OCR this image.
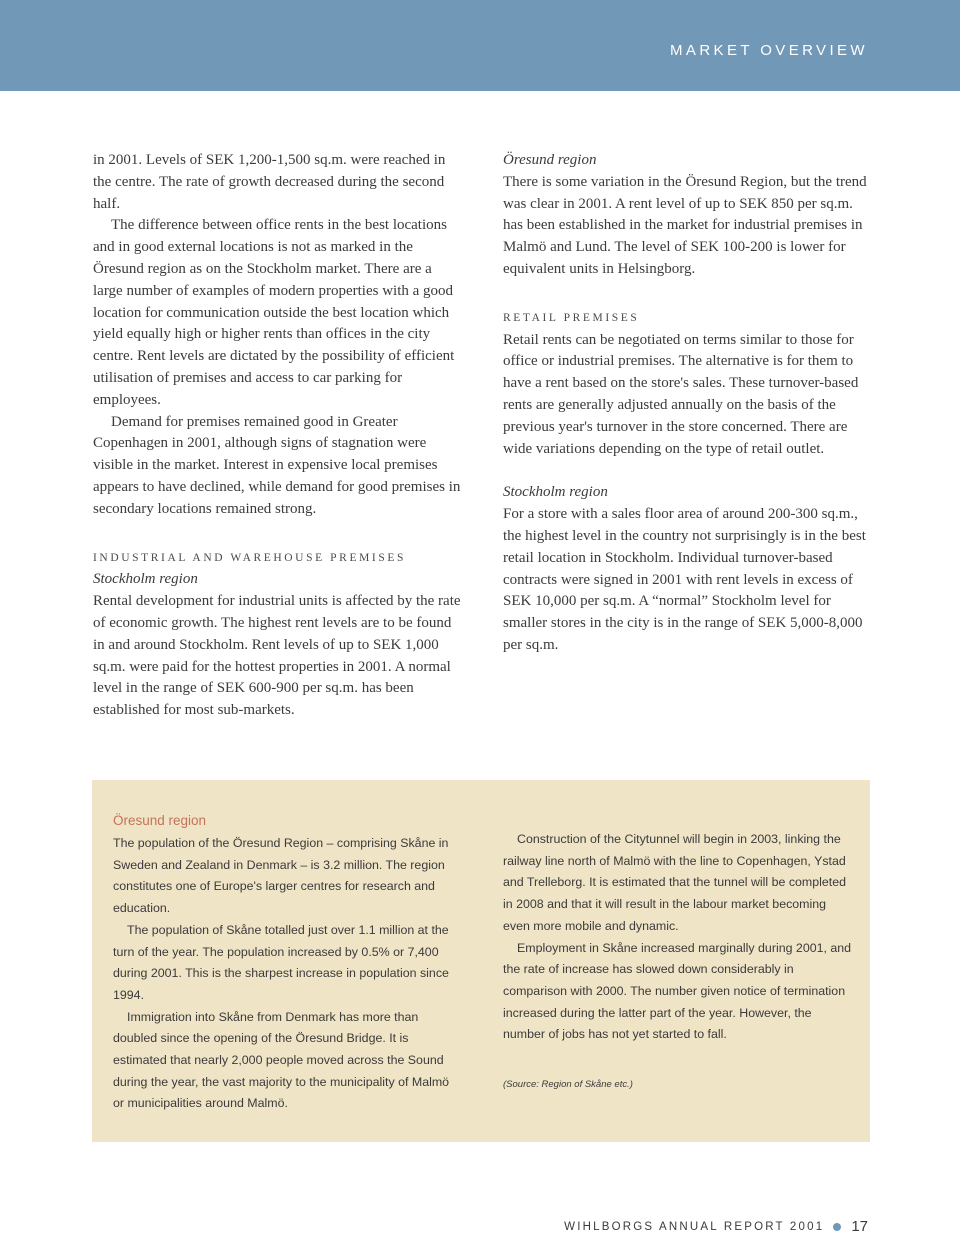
MARKET OVERVIEW

in 2001. Levels of SEK 1,200-1,500 sq.m. were reached in the centre. The rate of growth decreased during the second half.

The difference between office rents in the best locations and in good external locations is not as marked in the Öresund region as on the Stockholm market. There are a large number of examples of modern properties with a good location for communication outside the best location which yield equally high or higher rents than offices in the city centre. Rent levels are dictated by the possibility of efficient utilisation of premises and access to car parking for employees.

Demand for premises remained good in Greater Copenhagen in 2001, although signs of stagnation were visible in the market. Interest in expensive local premises appears to have declined, while demand for good premises in secondary locations remained strong.

INDUSTRIAL AND WAREHOUSE PREMISES
Stockholm region

Rental development for industrial units is affected by the rate of economic growth. The highest rent levels are to be found in and around Stockholm. Rent levels of up to SEK 1,000 sq.m. were paid for the hottest properties in 2001. A normal level in the range of SEK 600-900 per sq.m. has been established for most sub-markets.

Öresund region

There is some variation in the Öresund Region, but the trend was clear in 2001. A rent level of up to SEK 850 per sq.m. has been established in the market for industrial premises in Malmö and Lund. The level of SEK 100-200 is lower for equivalent units in Helsingborg.

RETAIL PREMISES

Retail rents can be negotiated on terms similar to those for office or industrial premises. The alternative is for them to have a rent based on the store's sales. These turnover-based rents are generally adjusted annually on the basis of the previous year's turnover in the store concerned. There are wide variations depending on the type of retail outlet.

Stockholm region

For a store with a sales floor area of around 200-300 sq.m., the highest level in the country not surprisingly is in the best retail location in Stockholm. Individual turnover-based contracts were signed in 2001 with rent levels in excess of SEK 10,000 per sq.m. A “normal” Stockholm level for smaller stores in the city is in the range of SEK 5,000-8,000 per sq.m.

Öresund region

The population of the Öresund Region – comprising Skåne in Sweden and Zealand in Denmark – is 3.2 million. The region constitutes one of Europe's larger centres for research and education.

The population of Skåne totalled just over 1.1 million at the turn of the year. The population increased by 0.5% or 7,400 during 2001. This is the sharpest increase in population since 1994.

Immigration into Skåne from Denmark has more than doubled since the opening of the Öresund Bridge. It is estimated that nearly 2,000 people moved across the Sound during the year, the vast majority to the municipality of Malmö or municipalities around Malmö.

Construction of the Citytunnel will begin in 2003, linking the railway line north of Malmö with the line to Copenhagen, Ystad and Trelleborg. It is estimated that the tunnel will be completed in 2008 and that it will result in the labour market becoming even more mobile and dynamic.

Employment in Skåne increased marginally during 2001, and the rate of increase has slowed down considerably in comparison with 2000. The number given notice of termination increased during the latter part of the year. However, the number of jobs has not yet started to fall.

(Source: Region of Skåne etc.)
WIHLBORGS ANNUAL REPORT 2001 17
